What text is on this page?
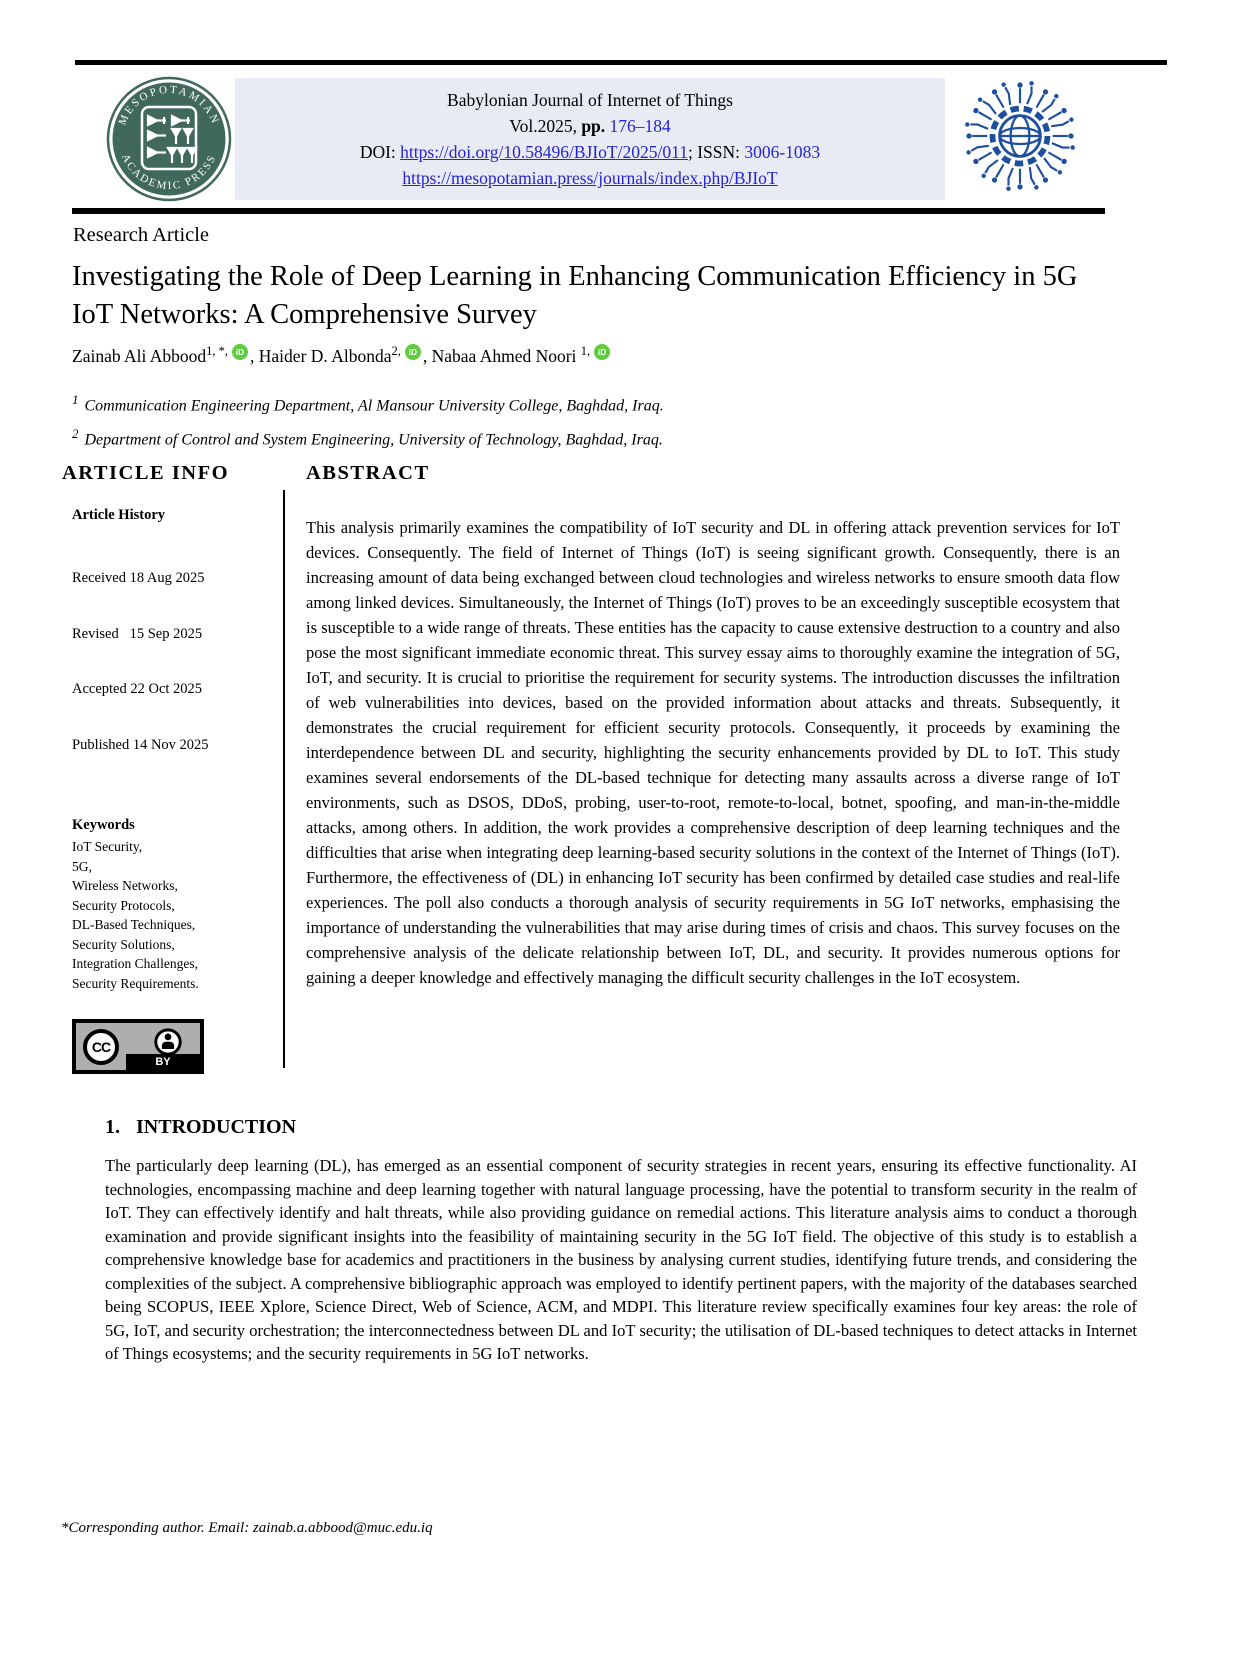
MESOPOTAMIAN
ACADEMIC PRESS
Babylonian Journal of Internet of Things
Vol.2025, pp. 176–184
DOI: https://doi.org/10.58496/BJIoT/2025/011; ISSN: 3006-1083
https://mesopotamian.press/journals/index.php/BJIoT
Research Article
Investigating the Role of Deep Learning in Enhancing Communication Efficiency in 5G IoT Networks: A Comprehensive Survey
Zainab Ali Abbood$^{1, *,}$ iD , Haider D. Albonda$^{2,}$ iD , Nabaa Ahmed Noori $^{1,}$ iD
$^1$ Communication Engineering Department, Al Mansour University College, Baghdad, Iraq.
$^2$ Department of Control and System Engineering, University of Technology, Baghdad, Iraq.
ARTICLE INFO
Article History

Received 18 Aug 2025

Revised   15 Sep 2025

Accepted 22 Oct 2025

Published 14 Nov 2025

Keywords
IoT Security,
5G,
Wireless Networks,
Security Protocols,
DL-Based Techniques,
Security Solutions,
Integration Challenges,
Security Requirements.
CC
BY
ABSTRACT

This analysis primarily examines the compatibility of IoT security and DL in offering attack prevention services for IoT devices. Consequently. The field of Internet of Things (IoT) is seeing significant growth. Consequently, there is an increasing amount of data being exchanged between cloud technologies and wireless networks to ensure smooth data flow among linked devices. Simultaneously, the Internet of Things (IoT) proves to be an exceedingly susceptible ecosystem that is susceptible to a wide range of threats. These entities has the capacity to cause extensive destruction to a country and also pose the most significant immediate economic threat. This survey essay aims to thoroughly examine the integration of 5G, IoT, and security. It is crucial to prioritise the requirement for security systems. The introduction discusses the infiltration of web vulnerabilities into devices, based on the provided information about attacks and threats. Subsequently, it demonstrates the crucial requirement for efficient security protocols. Consequently, it proceeds by examining the interdependence between DL and security, highlighting the security enhancements provided by DL to IoT. This study examines several endorsements of the DL-based technique for detecting many assaults across a diverse range of IoT environments, such as DSOS, DDoS, probing, user-to-root, remote-to-local, botnet, spoofing, and man-in-the-middle attacks, among others. In addition, the work provides a comprehensive description of deep learning techniques and the difficulties that arise when integrating deep learning-based security solutions in the context of the Internet of Things (IoT). Furthermore, the effectiveness of (DL) in enhancing IoT security has been confirmed by detailed case studies and real-life experiences. The poll also conducts a thorough analysis of security requirements in 5G IoT networks, emphasising the importance of understanding the vulnerabilities that may arise during times of crisis and chaos. This survey focuses on the comprehensive analysis of the delicate relationship between IoT, DL, and security. It provides numerous options for gaining a deeper knowledge and effectively managing the difficult security challenges in the IoT ecosystem.

1. INTRODUCTION

The particularly deep learning (DL), has emerged as an essential component of security strategies in recent years, ensuring its effective functionality. AI technologies, encompassing machine and deep learning together with natural language processing, have the potential to transform security in the realm of IoT. They can effectively identify and halt threats, while also providing guidance on remedial actions. This literature analysis aims to conduct a thorough examination and provide significant insights into the feasibility of maintaining security in the 5G IoT field. The objective of this study is to establish a comprehensive knowledge base for academics and practitioners in the business by analysing current studies, identifying future trends, and considering the complexities of the subject. A comprehensive bibliographic approach was employed to identify pertinent papers, with the majority of the databases searched being SCOPUS, IEEE Xplore, Science Direct, Web of Science, ACM, and MDPI. This literature review specifically examines four key areas: the role of 5G, IoT, and security orchestration; the interconnectedness between DL and IoT security; the utilisation of DL-based techniques to detect attacks in Internet of Things ecosystems; and the security requirements in 5G IoT networks.

*Corresponding author. Email: zainab.a.abbood@muc.edu.iq
